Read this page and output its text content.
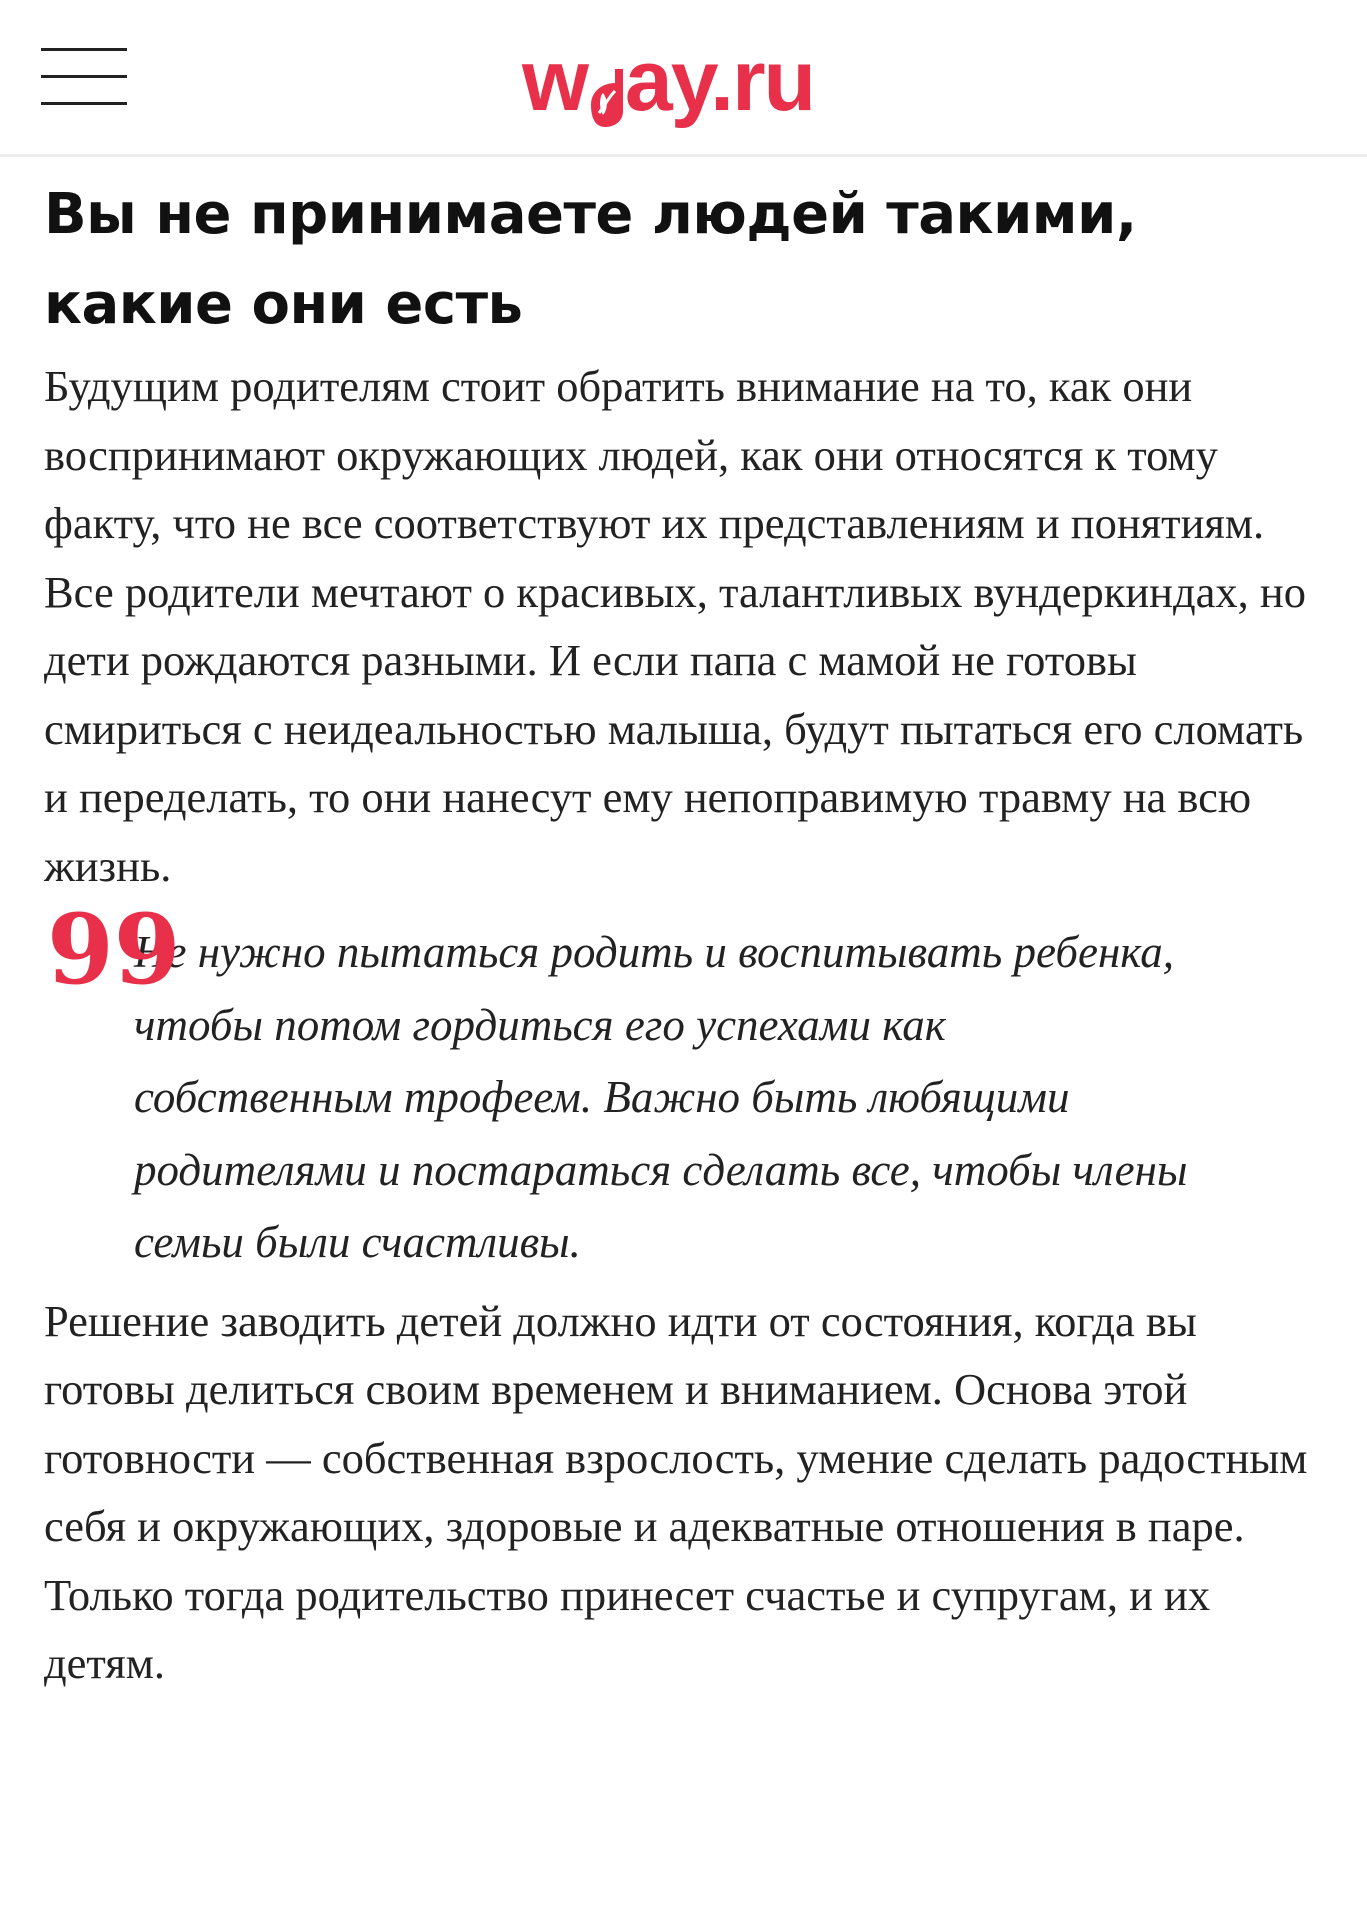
w ay.ru
Вы не принимаете людей такими, какие они есть

Будущим родителям стоит обратить внимание на то, как они воспринимают окружающих людей, как они относятся к тому факту, что не все соответствуют их представлениям и понятиям. Все родители мечтают о красивых, талантливых вундеркиндах, но дети рождаются разными. И если папа с мамой не готовы смириться с неидеальностью малыша, будут пытаться его сломать и переделать, то они нанесут ему непоправимую травму на всю жизнь.

99

Не нужно пытаться родить и воспитывать ребенка, чтобы потом гордиться его успехами как собственным трофеем. Важно быть любящими родителями и постараться сделать все, чтобы члены семьи были счастливы.

Решение заводить детей должно идти от состояния, когда вы готовы делиться своим временем и вниманием. Основа этой готовности — собственная взрослость, умение сделать радостным себя и окружающих, здоровые и адекватные отношения в паре. Только тогда родительство принесет счастье и супругам, и их детям.
